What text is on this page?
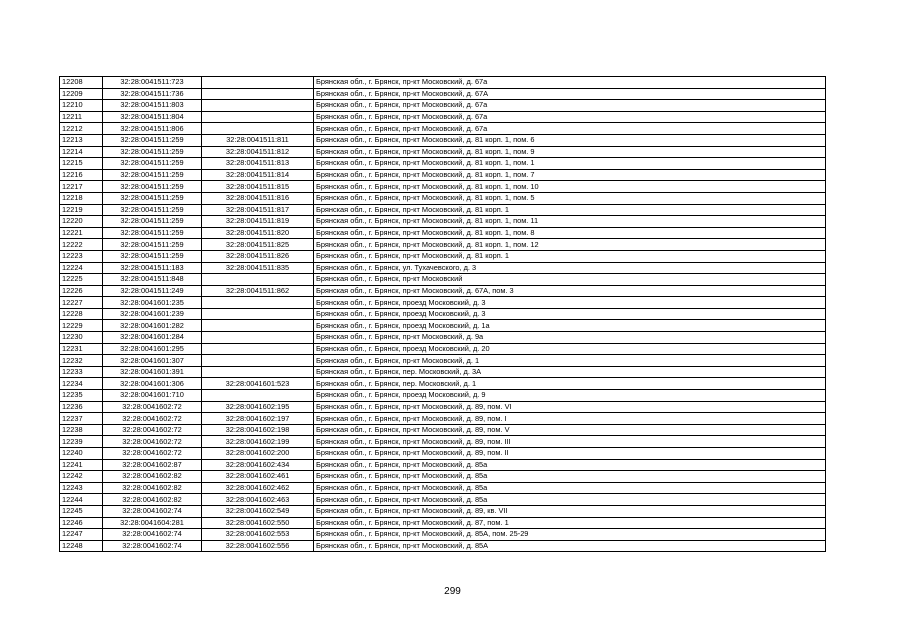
12208	32:28:0041511:723		Брянская обл., г. Брянск, пр-кт Московский, д. 67а
12209	32:28:0041511:736		Брянская обл., г. Брянск, пр-кт Московский, д. 67А
12210	32:28:0041511:803		Брянская обл., г. Брянск, пр-кт Московский, д. 67а
12211	32:28:0041511:804		Брянская обл., г. Брянск, пр-кт Московский, д. 67а
12212	32:28:0041511:806		Брянская обл., г. Брянск, пр-кт Московский, д. 67а
12213	32:28:0041511:259	32:28:0041511:811	Брянская обл., г. Брянск, пр-кт Московский, д. 81 корп. 1, пом. 6
12214	32:28:0041511:259	32:28:0041511:812	Брянская обл., г. Брянск, пр-кт Московский, д. 81 корп. 1, пом. 9
12215	32:28:0041511:259	32:28:0041511:813	Брянская обл., г. Брянск, пр-кт Московский, д. 81 корп. 1, пом. 1
12216	32:28:0041511:259	32:28:0041511:814	Брянская обл., г. Брянск, пр-кт Московский, д. 81 корп. 1, пом. 7
12217	32:28:0041511:259	32:28:0041511:815	Брянская обл., г. Брянск, пр-кт Московский, д. 81 корп. 1, пом. 10
12218	32:28:0041511:259	32:28:0041511:816	Брянская обл., г. Брянск, пр-кт Московский, д. 81 корп. 1, пом. 5
12219	32:28:0041511:259	32:28:0041511:817	Брянская обл., г. Брянск, пр-кт Московский, д. 81 корп. 1
12220	32:28:0041511:259	32:28:0041511:819	Брянская обл., г. Брянск, пр-кт Московский, д. 81 корп. 1, пом. 11
12221	32:28:0041511:259	32:28:0041511:820	Брянская обл., г. Брянск, пр-кт Московский, д. 81 корп. 1, пом. 8
12222	32:28:0041511:259	32:28:0041511:825	Брянская обл., г. Брянск, пр-кт Московский, д. 81 корп. 1, пом. 12
12223	32:28:0041511:259	32:28:0041511:826	Брянская обл., г. Брянск, пр-кт Московский, д. 81 корп. 1
12224	32:28:0041511:183	32:28:0041511:835	Брянская обл., г. Брянск, ул. Тухачевского, д. 3
12225	32:28:0041511:848		Брянская обл., г. Брянск, пр-кт Московский
12226	32:28:0041511:249	32:28:0041511:862	Брянская обл., г. Брянск, пр-кт Московский, д. 67А, пом. 3
12227	32:28:0041601:235		Брянская обл., г. Брянск, проезд Московский, д. 3
12228	32:28:0041601:239		Брянская обл., г. Брянск, проезд Московский, д. 3
12229	32:28:0041601:282		Брянская обл., г. Брянск, проезд Московский, д. 1а
12230	32:28:0041601:284		Брянская обл., г. Брянск, пр-кт Московский, д. 9а
12231	32:28:0041601:295		Брянская обл., г. Брянск, проезд Московский, д. 20
12232	32:28:0041601:307		Брянская обл., г. Брянск, пр-кт Московский, д. 1
12233	32:28:0041601:391		Брянская обл., г. Брянск, пер. Московский, д. 3А
12234	32:28:0041601:306	32:28:0041601:523	Брянская обл., г. Брянск, пер. Московский, д. 1
12235	32:28:0041601:710		Брянская обл., г. Брянск, проезд Московский, д. 9
12236	32:28:0041602:72	32:28:0041602:195	Брянская обл., г. Брянск, пр-кт Московский, д. 89, пом. VI
12237	32:28:0041602:72	32:28:0041602:197	Брянская обл., г. Брянск, пр-кт Московский, д. 89, пом. I
12238	32:28:0041602:72	32:28:0041602:198	Брянская обл., г. Брянск, пр-кт Московский, д. 89, пом. V
12239	32:28:0041602:72	32:28:0041602:199	Брянская обл., г. Брянск, пр-кт Московский, д. 89, пом. III
12240	32:28:0041602:72	32:28:0041602:200	Брянская обл., г. Брянск, пр-кт Московский, д. 89, пом. II
12241	32:28:0041602:87	32:28:0041602:434	Брянская обл., г. Брянск, пр-кт Московский, д. 85а
12242	32:28:0041602:82	32:28:0041602:461	Брянская обл., г. Брянск, пр-кт Московский, д. 85а
12243	32:28:0041602:82	32:28:0041602:462	Брянская обл., г. Брянск, пр-кт Московский, д. 85а
12244	32:28:0041602:82	32:28:0041602:463	Брянская обл., г. Брянск, пр-кт Московский, д. 85а
12245	32:28:0041602:74	32:28:0041602:549	Брянская обл., г. Брянск, пр-кт Московский, д. 89, кв. VII
12246	32:28:0041604:281	32:28:0041602:550	Брянская обл., г. Брянск, пр-кт Московский, д. 87, пом. 1
12247	32:28:0041602:74	32:28:0041602:553	Брянская обл., г. Брянск, пр-кт Московский, д. 85А, пом. 25-29
12248	32:28:0041602:74	32:28:0041602:556	Брянская обл., г. Брянск, пр-кт Московский, д. 85А
299
